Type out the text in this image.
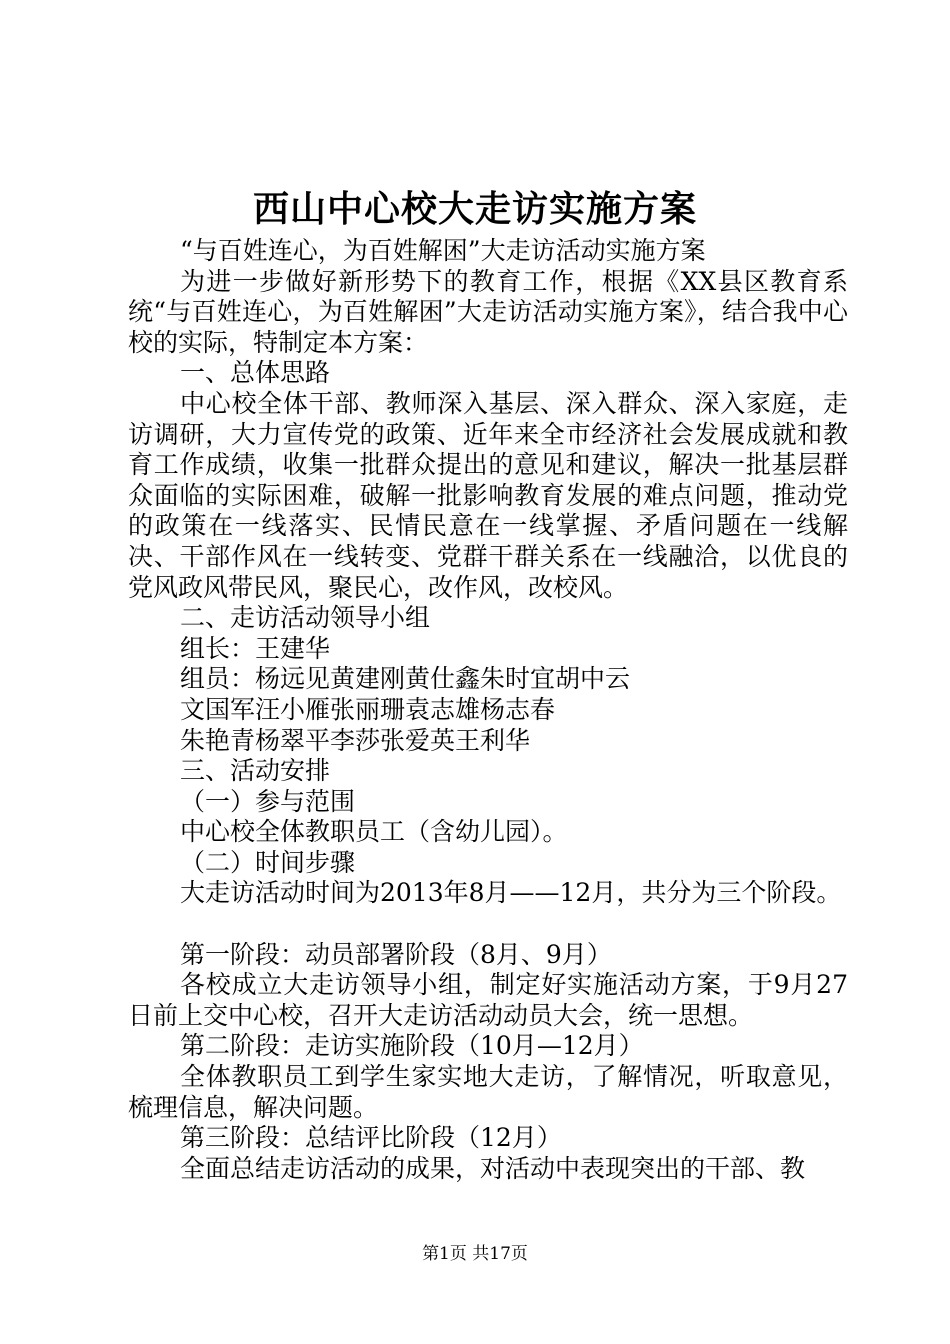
西山中心校大走访实施方案

“与百姓连心，为百姓解困”大走访活动实施方案

为进一步做好新形势下的教育工作，根据《XX县区教育系统“与百姓连心，为百姓解困”大走访活动实施方案》，结合我中心校的实际，特制定本方案：

一、总体思路

中心校全体干部、教师深入基层、深入群众、深入家庭，走访调研，大力宣传党的政策、近年来全市经济社会发展成就和教育工作成绩，收集一批群众提出的意见和建议，解决一批基层群众面临的实际困难，破解一批影响教育发展的难点问题，推动党的政策在一线落实、民情民意在一线掌握、矛盾问题在一线解决、干部作风在一线转变、党群干群关系在一线融洽，以优良的党风政风带民风，聚民心，改作风，改校风。

二、走访活动领导小组

组长：王建华

组员：杨远见黄建刚黄仕鑫朱时宜胡中云

文国军汪小雁张丽珊袁志雄杨志春

朱艳青杨翠平李莎张爱英王利华

三、活动安排

（一）参与范围

中心校全体教职员工（含幼儿园）。

（二）时间步骤

大走访活动时间为2013年8月——12月，共分为三个阶段。

第一阶段：动员部署阶段（8月、9月）

各校成立大走访领导小组，制定好实施活动方案，于9月27日前上交中心校，召开大走访活动动员大会，统一思想。

第二阶段：走访实施阶段（10月—12月）

全体教职员工到学生家实地大走访，了解情况，听取意见，梳理信息，解决问题。

第三阶段：总结评比阶段（12月）

全面总结走访活动的成果，对活动中表现突出的干部、教

第1页 共17页
